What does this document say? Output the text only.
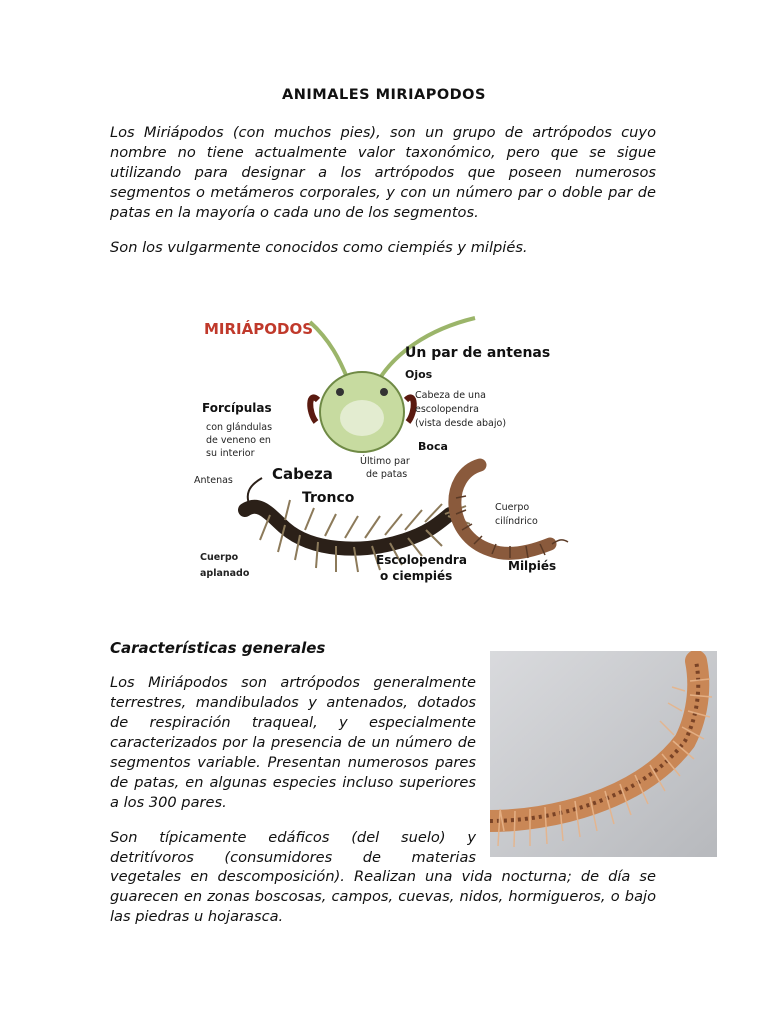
ANIMALES MIRIAPODOS

Los Miriápodos (con muchos pies), son un grupo de artrópodos cuyo nombre no tiene actualmente valor taxonómico, pero que se sigue utilizando para designar a los artrópodos que poseen numerosos segmentos o metámeros corporales, y con un número par o doble par de patas en la mayoría o cada uno de los segmentos.

Son los vulgarmente conocidos como ciempiés y milpiés.

MIRIÁPODOS
Un par de antenas
Ojos
Cabeza de una
escolopendra
(vista desde abajo)
Boca
Forcípulas
con glándulas
de veneno en
su interior
Último par
de patas
Antenas	Cabeza
Tronco
Cuerpo
cilíndrico
Cuerpo
aplanado
Escolopendra
o ciempiés
Milpiés

Características generales

Los Miriápodos son artrópodos generalmente terrestres, mandibulados y antenados, dotados de respiración traqueal, y especialmente caracterizados por la presencia de un número de segmentos variable. Presentan numerosos pares de patas, en algunas especies incluso superiores a los 300 pares.

Son típicamente edáficos (del suelo) y detritívoros (consumidores de materias

vegetales en descomposición). Realizan una vida nocturna; de día se guarecen en zonas boscosas, campos, cuevas, nidos, hormigueros, o bajo las piedras u hojarasca.
